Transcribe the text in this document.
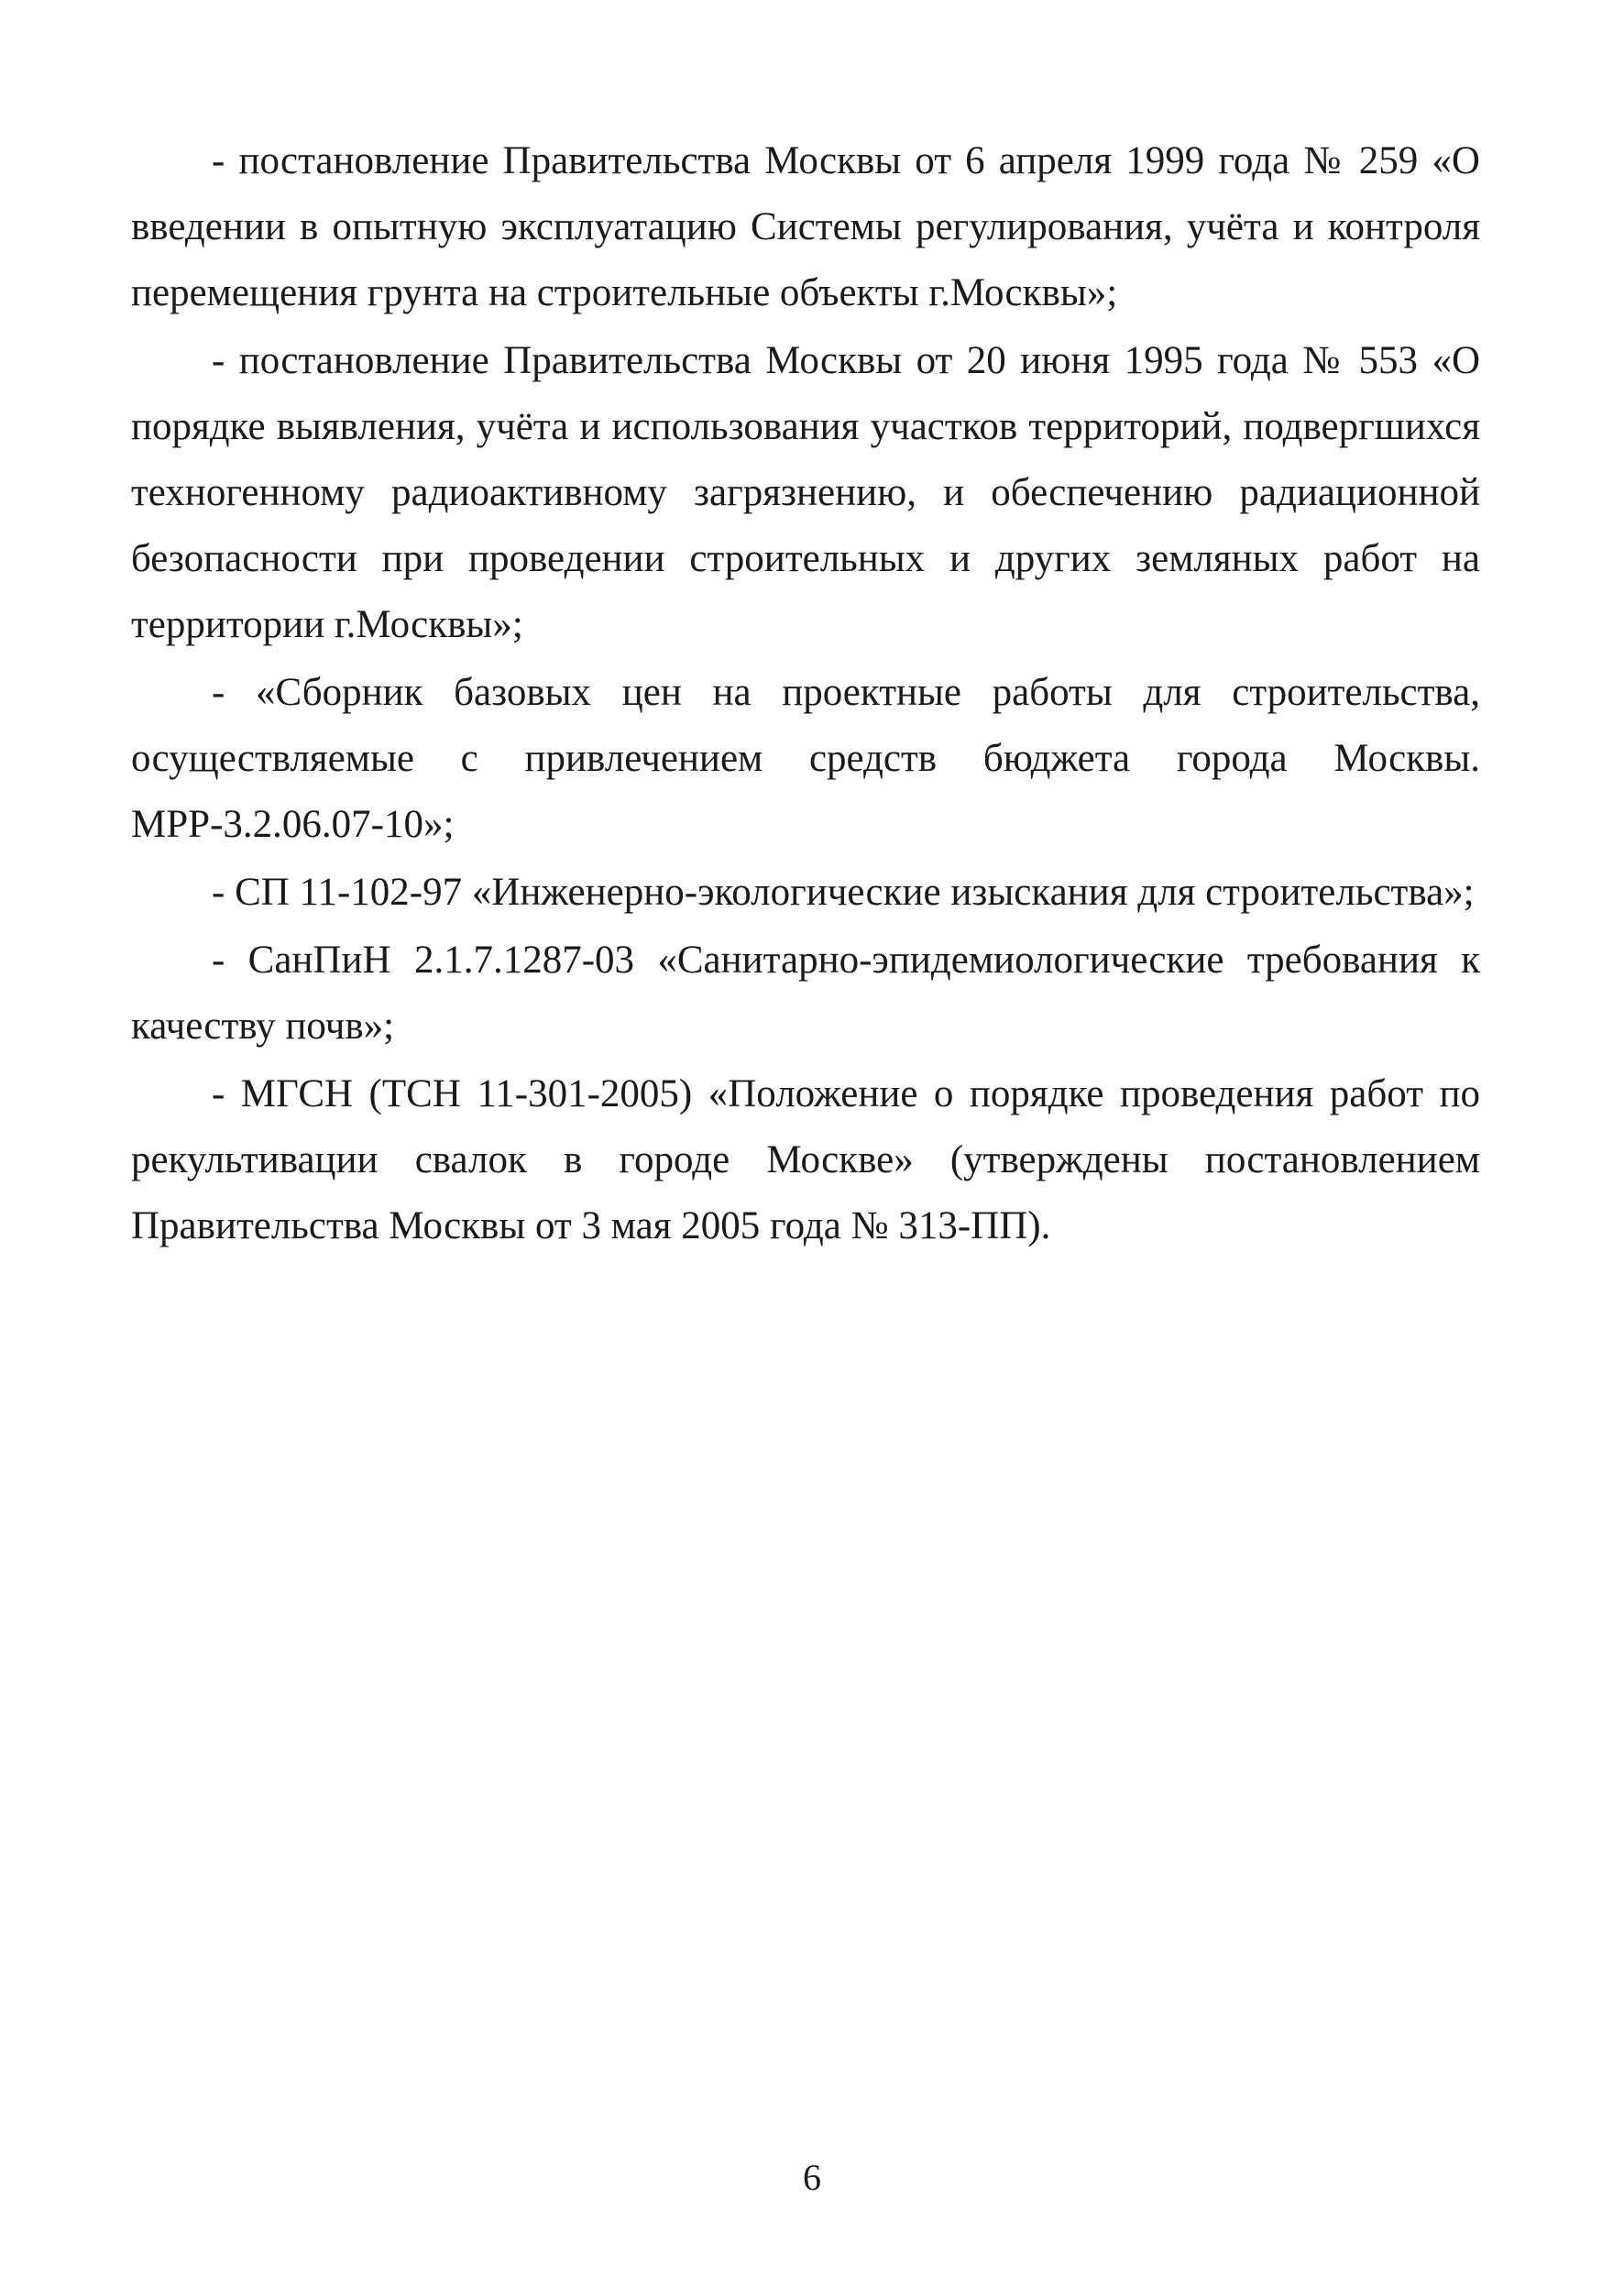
- постановление Правительства Москвы от 6 апреля 1999 года № 259 «О введении в опытную эксплуатацию Системы регулирования, учёта и контроля перемещения грунта на строительные объекты г.Москвы»;

- постановление Правительства Москвы от 20 июня 1995 года № 553 «О порядке выявления, учёта и использования участков территорий, подвергшихся техногенному радиоактивному загрязнению, и обеспечению радиационной безопасности при проведении строительных и других земляных работ на территории г.Москвы»;

- «Сборник базовых цен на проектные работы для строительства, осуществляемые с привлечением средств бюджета города Москвы. МРР-3.2.06.07-10»;

- СП 11-102-97 «Инженерно-экологические изыскания для строительства»;

- СанПиН 2.1.7.1287-03 «Санитарно-эпидемиологические требования к качеству почв»;

- МГСН (ТСН 11-301-2005) «Положение о порядке проведения работ по рекультивации свалок в городе Москве» (утверждены постановлением Правительства Москвы от 3 мая 2005 года № 313-ПП).

6
